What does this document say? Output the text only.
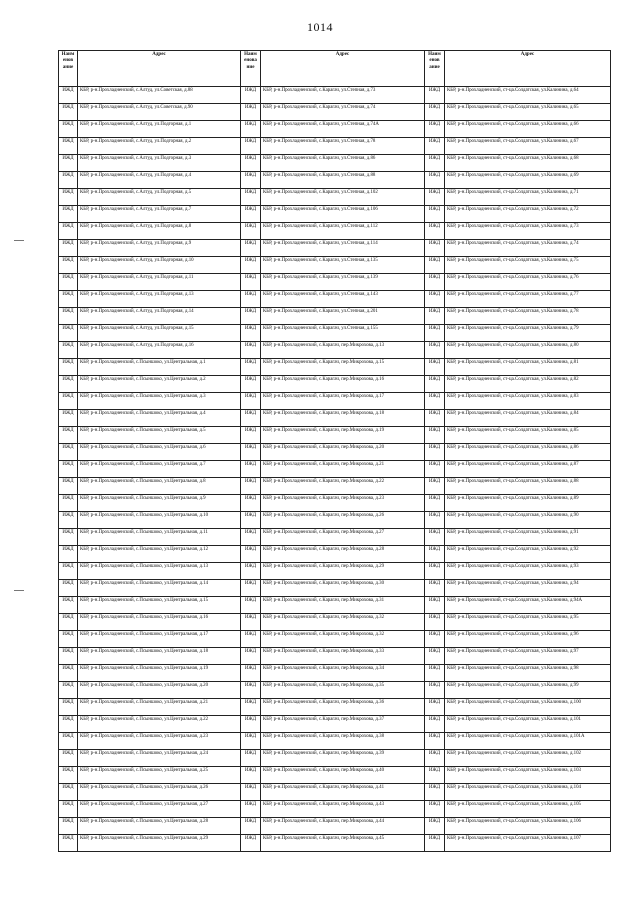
1014
Наим енов ание	Адрес	Наим енова ние	Адрес	Наим енов ание	Адрес
ИЖД	КБР, р-н.Прохладненский, с.Алтуд, ул.Советская, д.88	ИЖД	КБР, р-н.Прохладненский, с.Карагач, ул.Степная, д.73	ИЖД	КБР, р-н.Прохладненский, ст-ца.Солдатская, ул.Калинина, д.64
ИЖД	КБР, р-н.Прохладненский, с.Алтуд, ул.Советская, д.90	ИЖД	КБР, р-н.Прохладненский, с.Карагач, ул.Степная, д.74	ИЖД	КБР, р-н.Прохладненский, ст-ца.Солдатская, ул.Калинина, д.65
ИЖД	КБР, р-н.Прохладненский, с.Алтуд, ул.Подгорная, д.1	ИЖД	КБР, р-н.Прохладненский, с.Карагач, ул.Степная, д.74А	ИЖД	КБР, р-н.Прохладненский, ст-ца.Солдатская, ул.Калинина, д.66
ИЖД	КБР, р-н.Прохладненский, с.Алтуд, ул.Подгорная, д.2	ИЖД	КБР, р-н.Прохладненский, с.Карагач, ул.Степная, д.78	ИЖД	КБР, р-н.Прохладненский, ст-ца.Солдатская, ул.Калинина, д.67
ИЖД	КБР, р-н.Прохладненский, с.Алтуд, ул.Подгорная, д.3	ИЖД	КБР, р-н.Прохладненский, с.Карагач, ул.Степная, д.86	ИЖД	КБР, р-н.Прохладненский, ст-ца.Солдатская, ул.Калинина, д.68
ИЖД	КБР, р-н.Прохладненский, с.Алтуд, ул.Подгорная, д.4	ИЖД	КБР, р-н.Прохладненский, с.Карагач, ул.Степная, д.88	ИЖД	КБР, р-н.Прохладненский, ст-ца.Солдатская, ул.Калинина, д.69
ИЖД	КБР, р-н.Прохладненский, с.Алтуд, ул.Подгорная, д.5	ИЖД	КБР, р-н.Прохладненский, с.Карагач, ул.Степная, д.102	ИЖД	КБР, р-н.Прохладненский, ст-ца.Солдатская, ул.Калинина, д.71
ИЖД	КБР, р-н.Прохладненский, с.Алтуд, ул.Подгорная, д.7	ИЖД	КБР, р-н.Прохладненский, с.Карагач, ул.Степная, д.106	ИЖД	КБР, р-н.Прохладненский, ст-ца.Солдатская, ул.Калинина, д.72
ИЖД	КБР, р-н.Прохладненский, с.Алтуд, ул.Подгорная, д.8	ИЖД	КБР, р-н.Прохладненский, с.Карагач, ул.Степная, д.112	ИЖД	КБР, р-н.Прохладненский, ст-ца.Солдатская, ул.Калинина, д.73
ИЖД	КБР, р-н.Прохладненский, с.Алтуд, ул.Подгорная, д.9	ИЖД	КБР, р-н.Прохладненский, с.Карагач, ул.Степная, д.114	ИЖД	КБР, р-н.Прохладненский, ст-ца.Солдатская, ул.Калинина, д.74
ИЖД	КБР, р-н.Прохладненский, с.Алтуд, ул.Подгорная, д.10	ИЖД	КБР, р-н.Прохладненский, с.Карагач, ул.Степная, д.135	ИЖД	КБР, р-н.Прохладненский, ст-ца.Солдатская, ул.Калинина, д.75
ИЖД	КБР, р-н.Прохладненский, с.Алтуд, ул.Подгорная, д.11	ИЖД	КБР, р-н.Прохладненский, с.Карагач, ул.Степная, д.139	ИЖД	КБР, р-н.Прохладненский, ст-ца.Солдатская, ул.Калинина, д.76
ИЖД	КБР, р-н.Прохладненский, с.Алтуд, ул.Подгорная, д.13	ИЖД	КБР, р-н.Прохладненский, с.Карагач, ул.Степная, д.143	ИЖД	КБР, р-н.Прохладненский, ст-ца.Солдатская, ул.Калинина, д.77
ИЖД	КБР, р-н.Прохладненский, с.Алтуд, ул.Подгорная, д.14	ИЖД	КБР, р-н.Прохладненский, с.Карагач, ул.Степная, д.201	ИЖД	КБР, р-н.Прохладненский, ст-ца.Солдатская, ул.Калинина, д.78
ИЖД	КБР, р-н.Прохладненский, с.Алтуд, ул.Подгорная, д.15	ИЖД	КБР, р-н.Прохладненский, с.Карагач, ул.Степная, д.155	ИЖД	КБР, р-н.Прохладненский, ст-ца.Солдатская, ул.Калинина, д.79
ИЖД	КБР, р-н.Прохладненский, с.Алтуд, ул.Подгорная, д.16	ИЖД	КБР, р-н.Прохладненский, с.Карагач, пер.Микрохова, д.13	ИЖД	КБР, р-н.Прохладненский, ст-ца.Солдатская, ул.Калинина, д.80
ИЖД	КБР, р-н.Прохладненский, с.Псыншоко, ул.Центральная, д.1	ИЖД	КБР, р-н.Прохладненский, с.Карагач, пер.Микрохова, д.15	ИЖД	КБР, р-н.Прохладненский, ст-ца.Солдатская, ул.Калинина, д.81
ИЖД	КБР, р-н.Прохладненский, с.Псыншоко, ул.Центральная, д.2	ИЖД	КБР, р-н.Прохладненский, с.Карагач, пер.Микрохова, д.16	ИЖД	КБР, р-н.Прохладненский, ст-ца.Солдатская, ул.Калинина, д.82
ИЖД	КБР, р-н.Прохладненский, с.Псыншоко, ул.Центральная, д.3	ИЖД	КБР, р-н.Прохладненский, с.Карагач, пер.Микрохова, д.17	ИЖД	КБР, р-н.Прохладненский, ст-ца.Солдатская, ул.Калинина, д.83
ИЖД	КБР, р-н.Прохладненский, с.Псыншоко, ул.Центральная, д.4	ИЖД	КБР, р-н.Прохладненский, с.Карагач, пер.Микрохова, д.18	ИЖД	КБР, р-н.Прохладненский, ст-ца.Солдатская, ул.Калинина, д.84
ИЖД	КБР, р-н.Прохладненский, с.Псыншоко, ул.Центральная, д.5	ИЖД	КБР, р-н.Прохладненский, с.Карагач, пер.Микрохова, д.19	ИЖД	КБР, р-н.Прохладненский, ст-ца.Солдатская, ул.Калинина, д.85
ИЖД	КБР, р-н.Прохладненский, с.Псыншоко, ул.Центральная, д.6	ИЖД	КБР, р-н.Прохладненский, с.Карагач, пер.Микрохова, д.20	ИЖД	КБР, р-н.Прохладненский, ст-ца.Солдатская, ул.Калинина, д.86
ИЖД	КБР, р-н.Прохладненский, с.Псыншоко, ул.Центральная, д.7	ИЖД	КБР, р-н.Прохладненский, с.Карагач, пер.Микрохова, д.21	ИЖД	КБР, р-н.Прохладненский, ст-ца.Солдатская, ул.Калинина, д.87
ИЖД	КБР, р-н.Прохладненский, с.Псыншоко, ул.Центральная, д.8	ИЖД	КБР, р-н.Прохладненский, с.Карагач, пер.Микрохова, д.22	ИЖД	КБР, р-н.Прохладненский, ст-ца.Солдатская, ул.Калинина, д.88
ИЖД	КБР, р-н.Прохладненский, с.Псыншоко, ул.Центральная, д.9	ИЖД	КБР, р-н.Прохладненский, с.Карагач, пер.Микрохова, д.23	ИЖД	КБР, р-н.Прохладненский, ст-ца.Солдатская, ул.Калинина, д.89
ИЖД	КБР, р-н.Прохладненский, с.Псыншоко, ул.Центральная, д.10	ИЖД	КБР, р-н.Прохладненский, с.Карагач, пер.Микрохова, д.26	ИЖД	КБР, р-н.Прохладненский, ст-ца.Солдатская, ул.Калинина, д.90
ИЖД	КБР, р-н.Прохладненский, с.Псыншоко, ул.Центральная, д.11	ИЖД	КБР, р-н.Прохладненский, с.Карагач, пер.Микрохова, д.27	ИЖД	КБР, р-н.Прохладненский, ст-ца.Солдатская, ул.Калинина, д.91
ИЖД	КБР, р-н.Прохладненский, с.Псыншоко, ул.Центральная, д.12	ИЖД	КБР, р-н.Прохладненский, с.Карагач, пер.Микрохова, д.28	ИЖД	КБР, р-н.Прохладненский, ст-ца.Солдатская, ул.Калинина, д.92
ИЖД	КБР, р-н.Прохладненский, с.Псыншоко, ул.Центральная, д.13	ИЖД	КБР, р-н.Прохладненский, с.Карагач, пер.Микрохова, д.29	ИЖД	КБР, р-н.Прохладненский, ст-ца.Солдатская, ул.Калинина, д.93
ИЖД	КБР, р-н.Прохладненский, с.Псыншоко, ул.Центральная, д.14	ИЖД	КБР, р-н.Прохладненский, с.Карагач, пер.Микрохова, д.30	ИЖД	КБР, р-н.Прохладненский, ст-ца.Солдатская, ул.Калинина, д.94
ИЖД	КБР, р-н.Прохладненский, с.Псыншоко, ул.Центральная, д.15	ИЖД	КБР, р-н.Прохладненский, с.Карагач, пер.Микрохова, д.31	ИЖД	КБР, р-н.Прохладненский, ст-ца.Солдатская, ул.Калинина, д.94А
ИЖД	КБР, р-н.Прохладненский, с.Псыншоко, ул.Центральная, д.16	ИЖД	КБР, р-н.Прохладненский, с.Карагач, пер.Микрохова, д.32	ИЖД	КБР, р-н.Прохладненский, ст-ца.Солдатская, ул.Калинина, д.95
ИЖД	КБР, р-н.Прохладненский, с.Псыншоко, ул.Центральная, д.17	ИЖД	КБР, р-н.Прохладненский, с.Карагач, пер.Микрохова, д.32	ИЖД	КБР, р-н.Прохладненский, ст-ца.Солдатская, ул.Калинина, д.96
ИЖД	КБР, р-н.Прохладненский, с.Псыншоко, ул.Центральная, д.18	ИЖД	КБР, р-н.Прохладненский, с.Карагач, пер.Микрохова, д.33	ИЖД	КБР, р-н.Прохладненский, ст-ца.Солдатская, ул.Калинина, д.97
ИЖД	КБР, р-н.Прохладненский, с.Псыншоко, ул.Центральная, д.19	ИЖД	КБР, р-н.Прохладненский, с.Карагач, пер.Микрохова, д.34	ИЖД	КБР, р-н.Прохладненский, ст-ца.Солдатская, ул.Калинина, д.98
ИЖД	КБР, р-н.Прохладненский, с.Псыншоко, ул.Центральная, д.20	ИЖД	КБР, р-н.Прохладненский, с.Карагач, пер.Микрохова, д.35	ИЖД	КБР, р-н.Прохладненский, ст-ца.Солдатская, ул.Калинина, д.99
ИЖД	КБР, р-н.Прохладненский, с.Псыншоко, ул.Центральная, д.21	ИЖД	КБР, р-н.Прохладненский, с.Карагач, пер.Микрохова, д.36	ИЖД	КБР, р-н.Прохладненский, ст-ца.Солдатская, ул.Калинина, д.100
ИЖД	КБР, р-н.Прохладненский, с.Псыншоко, ул.Центральная, д.22	ИЖД	КБР, р-н.Прохладненский, с.Карагач, пер.Микрохова, д.37	ИЖД	КБР, р-н.Прохладненский, ст-ца.Солдатская, ул.Калинина, д.101
ИЖД	КБР, р-н.Прохладненский, с.Псыншоко, ул.Центральная, д.23	ИЖД	КБР, р-н.Прохладненский, с.Карагач, пер.Микрохова, д.38	ИЖД	КБР, р-н.Прохладненский, ст-ца.Солдатская, ул.Калинина, д.101А
ИЖД	КБР, р-н.Прохладненский, с.Псыншоко, ул.Центральная, д.24	ИЖД	КБР, р-н.Прохладненский, с.Карагач, пер.Микрохова, д.39	ИЖД	КБР, р-н.Прохладненский, ст-ца.Солдатская, ул.Калинина, д.102
ИЖД	КБР, р-н.Прохладненский, с.Псыншоко, ул.Центральная, д.25	ИЖД	КБР, р-н.Прохладненский, с.Карагач, пер.Микрохова, д.40	ИЖД	КБР, р-н.Прохладненский, ст-ца.Солдатская, ул.Калинина, д.103
ИЖД	КБР, р-н.Прохладненский, с.Псыншоко, ул.Центральная, д.26	ИЖД	КБР, р-н.Прохладненский, с.Карагач, пер.Микрохова, д.41	ИЖД	КБР, р-н.Прохладненский, ст-ца.Солдатская, ул.Калинина, д.104
ИЖД	КБР, р-н.Прохладненский, с.Псыншоко, ул.Центральная, д.27	ИЖД	КБР, р-н.Прохладненский, с.Карагач, пер.Микрохова, д.43	ИЖД	КБР, р-н.Прохладненский, ст-ца.Солдатская, ул.Калинина, д.105
ИЖД	КБР, р-н.Прохладненский, с.Псыншоко, ул.Центральная, д.28	ИЖД	КБР, р-н.Прохладненский, с.Карагач, пер.Микрохова, д.44	ИЖД	КБР, р-н.Прохладненский, ст-ца.Солдатская, ул.Калинина, д.106
ИЖД	КБР, р-н.Прохладненский, с.Псыншоко, ул.Центральная, д.29	ИЖД	КБР, р-н.Прохладненский, с.Карагач, пер.Микрохова, д.45	ИЖД	КБР, р-н.Прохладненский, ст-ца.Солдатская, ул.Калинина, д.107
